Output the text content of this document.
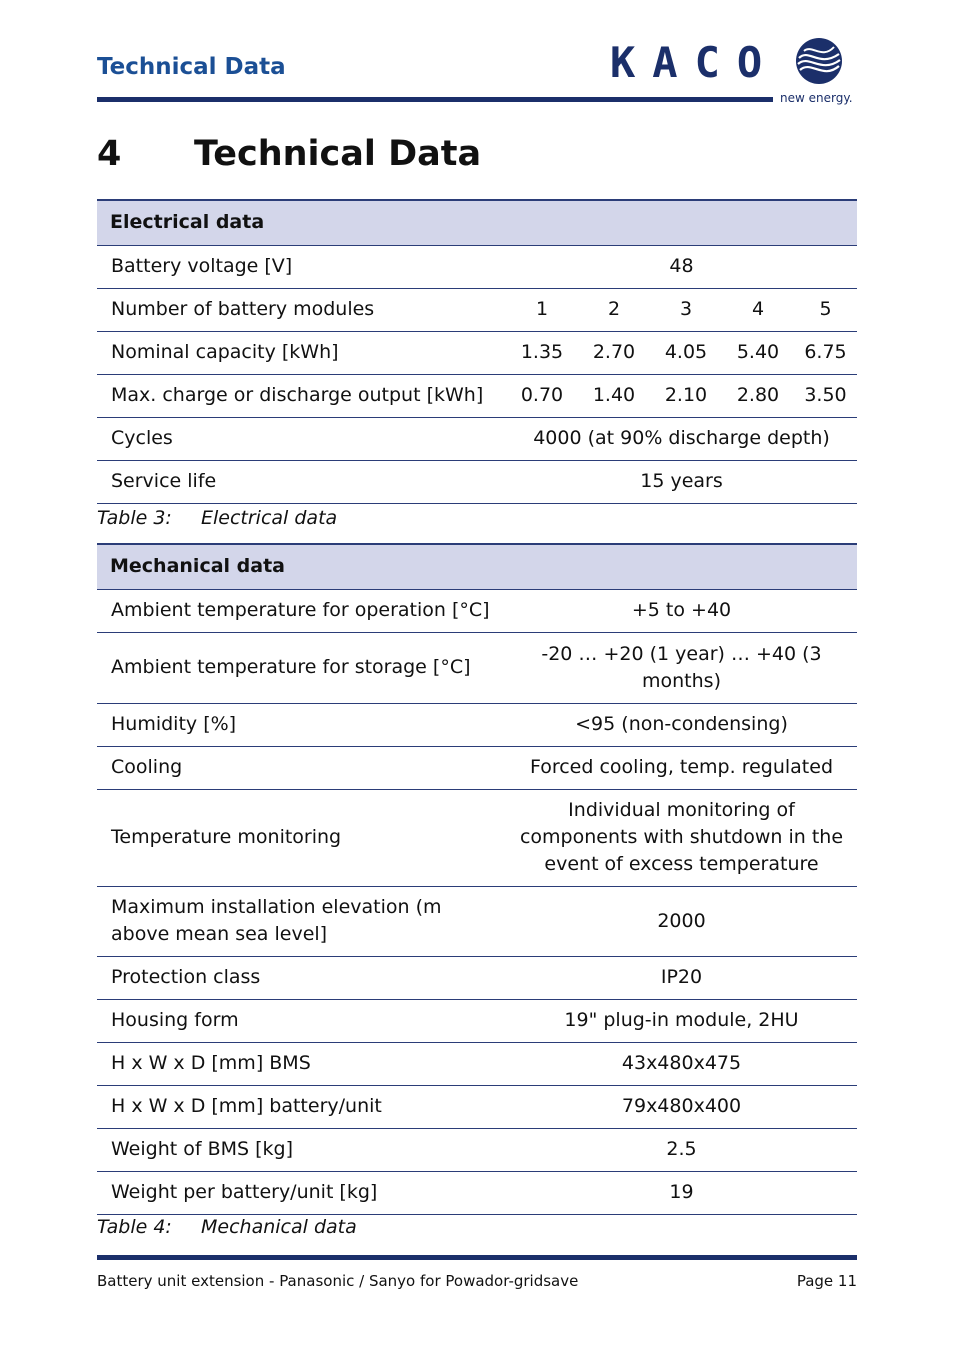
Technical Data	KACO
new energy.
4 Technical Data
Electrical data					
Battery voltage [V]	48				
Number of battery modules	1	2	3	4	5
Nominal capacity [kWh]	1.35	2.70	4.05	5.40	6.75
Max. charge or discharge output [kWh]	0.70	1.40	2.10	2.80	3.50
Cycles	4000 (at 90% discharge depth)				
Service life	15 years				
Table 3: Electrical data
Mechanical data	
Ambient temperature for operation [°C]	+5 to +40
Ambient temperature for storage [°C]	-20 … +20 (1 year) … +40 (3 months)
Humidity [%]	<95 (non-condensing)
Cooling	Forced cooling, temp. regulated
Temperature monitoring	Individual monitoring of components with shutdown in the event of excess temperature
Maximum installation elevation (m above mean sea level]	2000
Protection class	IP20
Housing form	19" plug-in module, 2HU
H x W x D [mm] BMS	43x480x475
H x W x D [mm] battery/unit	79x480x400
Weight of BMS [kg]	2.5
Weight per battery/unit [kg]	19
Table 4: Mechanical data
Battery unit extension - Panasonic / Sanyo for Powador-gridsave	Page 11
